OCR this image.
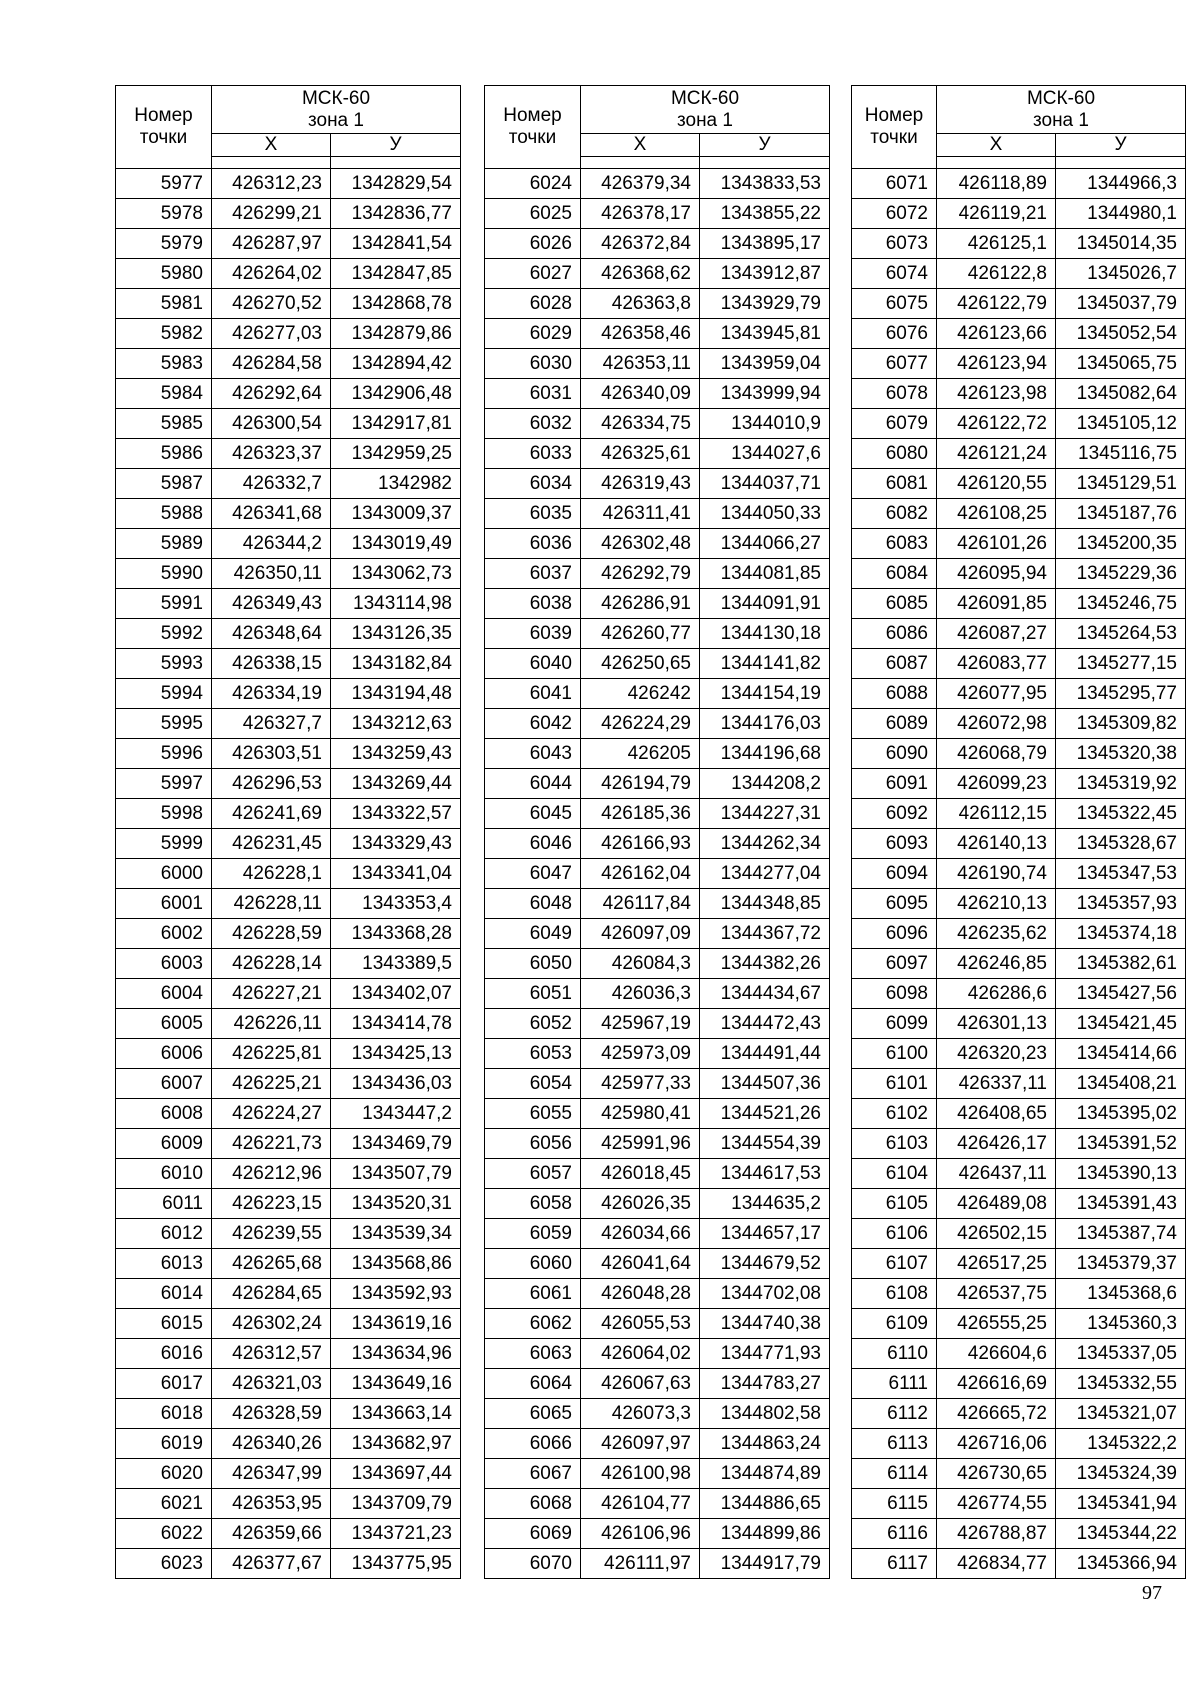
Номер точки	МСК-60
зона 1	
	Х	У

5977	426312,23	1342829,54
5978	426299,21	1342836,77
5979	426287,97	1342841,54
5980	426264,02	1342847,85
5981	426270,52	1342868,78
5982	426277,03	1342879,86
5983	426284,58	1342894,42
5984	426292,64	1342906,48
5985	426300,54	1342917,81
5986	426323,37	1342959,25
5987	426332,7	1342982
5988	426341,68	1343009,37
5989	426344,2	1343019,49
5990	426350,11	1343062,73
5991	426349,43	1343114,98
5992	426348,64	1343126,35
5993	426338,15	1343182,84
5994	426334,19	1343194,48
5995	426327,7	1343212,63
5996	426303,51	1343259,43
5997	426296,53	1343269,44
5998	426241,69	1343322,57
5999	426231,45	1343329,43
6000	426228,1	1343341,04
6001	426228,11	1343353,4
6002	426228,59	1343368,28
6003	426228,14	1343389,5
6004	426227,21	1343402,07
6005	426226,11	1343414,78
6006	426225,81	1343425,13
6007	426225,21	1343436,03
6008	426224,27	1343447,2
6009	426221,73	1343469,79
6010	426212,96	1343507,79
6011	426223,15	1343520,31
6012	426239,55	1343539,34
6013	426265,68	1343568,86
6014	426284,65	1343592,93
6015	426302,24	1343619,16
6016	426312,57	1343634,96
6017	426321,03	1343649,16
6018	426328,59	1343663,14
6019	426340,26	1343682,97
6020	426347,99	1343697,44
6021	426353,95	1343709,79
6022	426359,66	1343721,23
6023	426377,67	1343775,95
Номер точки	МСК-60
зона 1	
	Х	У

6024	426379,34	1343833,53
6025	426378,17	1343855,22
6026	426372,84	1343895,17
6027	426368,62	1343912,87
6028	426363,8	1343929,79
6029	426358,46	1343945,81
6030	426353,11	1343959,04
6031	426340,09	1343999,94
6032	426334,75	1344010,9
6033	426325,61	1344027,6
6034	426319,43	1344037,71
6035	426311,41	1344050,33
6036	426302,48	1344066,27
6037	426292,79	1344081,85
6038	426286,91	1344091,91
6039	426260,77	1344130,18
6040	426250,65	1344141,82
6041	426242	1344154,19
6042	426224,29	1344176,03
6043	426205	1344196,68
6044	426194,79	1344208,2
6045	426185,36	1344227,31
6046	426166,93	1344262,34
6047	426162,04	1344277,04
6048	426117,84	1344348,85
6049	426097,09	1344367,72
6050	426084,3	1344382,26
6051	426036,3	1344434,67
6052	425967,19	1344472,43
6053	425973,09	1344491,44
6054	425977,33	1344507,36
6055	425980,41	1344521,26
6056	425991,96	1344554,39
6057	426018,45	1344617,53
6058	426026,35	1344635,2
6059	426034,66	1344657,17
6060	426041,64	1344679,52
6061	426048,28	1344702,08
6062	426055,53	1344740,38
6063	426064,02	1344771,93
6064	426067,63	1344783,27
6065	426073,3	1344802,58
6066	426097,97	1344863,24
6067	426100,98	1344874,89
6068	426104,77	1344886,65
6069	426106,96	1344899,86
6070	426111,97	1344917,79
Номер точки	МСК-60
зона 1	
	Х	У

6071	426118,89	1344966,3
6072	426119,21	1344980,1
6073	426125,1	1345014,35
6074	426122,8	1345026,7
6075	426122,79	1345037,79
6076	426123,66	1345052,54
6077	426123,94	1345065,75
6078	426123,98	1345082,64
6079	426122,72	1345105,12
6080	426121,24	1345116,75
6081	426120,55	1345129,51
6082	426108,25	1345187,76
6083	426101,26	1345200,35
6084	426095,94	1345229,36
6085	426091,85	1345246,75
6086	426087,27	1345264,53
6087	426083,77	1345277,15
6088	426077,95	1345295,77
6089	426072,98	1345309,82
6090	426068,79	1345320,38
6091	426099,23	1345319,92
6092	426112,15	1345322,45
6093	426140,13	1345328,67
6094	426190,74	1345347,53
6095	426210,13	1345357,93
6096	426235,62	1345374,18
6097	426246,85	1345382,61
6098	426286,6	1345427,56
6099	426301,13	1345421,45
6100	426320,23	1345414,66
6101	426337,11	1345408,21
6102	426408,65	1345395,02
6103	426426,17	1345391,52
6104	426437,11	1345390,13
6105	426489,08	1345391,43
6106	426502,15	1345387,74
6107	426517,25	1345379,37
6108	426537,75	1345368,6
6109	426555,25	1345360,3
6110	426604,6	1345337,05
6111	426616,69	1345332,55
6112	426665,72	1345321,07
6113	426716,06	1345322,2
6114	426730,65	1345324,39
6115	426774,55	1345341,94
6116	426788,87	1345344,22
6117	426834,77	1345366,94
97
